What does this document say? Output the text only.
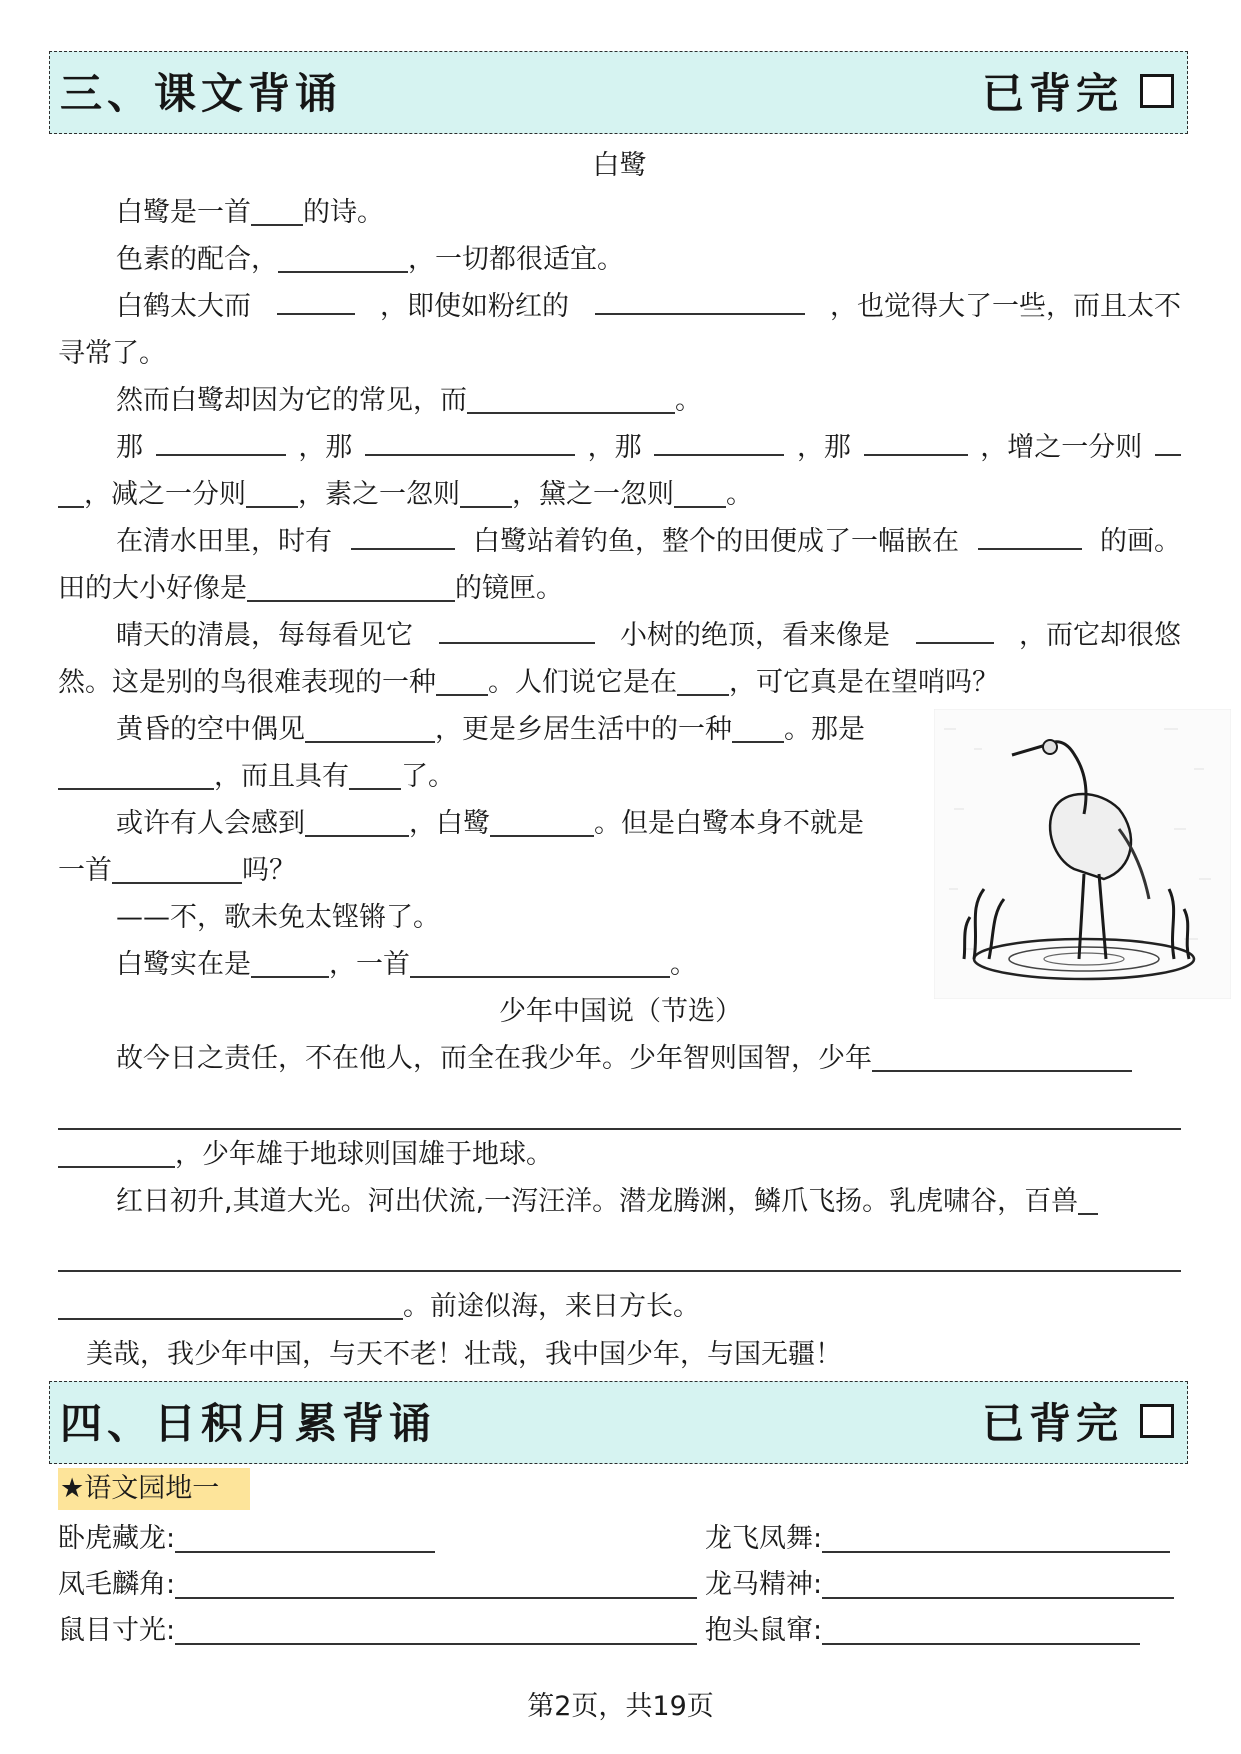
三、课文背诵	已背完
白鹭
白鹭是一首 的诗。
色素的配合，	，一切都很适宜。
白鹤太大而	，即使如粉红的	，也觉得大了一些，而且太不
寻常了。
然而白鹭却因为它的常见，而	。
那	，那	，那	，那	，增之一分则
，减之一分则 ，素之一忽则 ，黛之一忽则 。
在清水田里，时有	白鹭站着钓鱼，整个的田便成了一幅嵌在	的画。
田的大小好像是	的镜匣。
晴天的清晨，每每看见它	小树的绝顶，看来像是	，而它却很悠
然。这是别的鸟很难表现的一种 。人们说它是在 ，可它真是在望哨吗？
黄昏的空中偶见	，更是乡居生活中的一种 。那是
，而且具有 了。
或许有人会感到	，白鹭	。但是白鹭本身不就是
一首	吗？
——不，歌未免太铿锵了。
白鹭实在是	，一首	。
少年中国说（节选）
故今日之责任，不在他人，而全在我少年。少年智则国智，少年
，少年雄于地球则国雄于地球。
红日初升,其道大光。河出伏流,一泻汪洋。潜龙腾渊，鳞爪飞扬。乳虎啸谷，百兽
。前途似海，来日方长。
美哉，我少年中国，与天不老！壮哉，我中国少年，与国无疆！
四、日积月累背诵	已背完
★语文园地一
卧虎藏龙:	龙飞凤舞:
凤毛麟角:	龙马精神:
鼠目寸光:	抱头鼠窜:
第2页，共19页
